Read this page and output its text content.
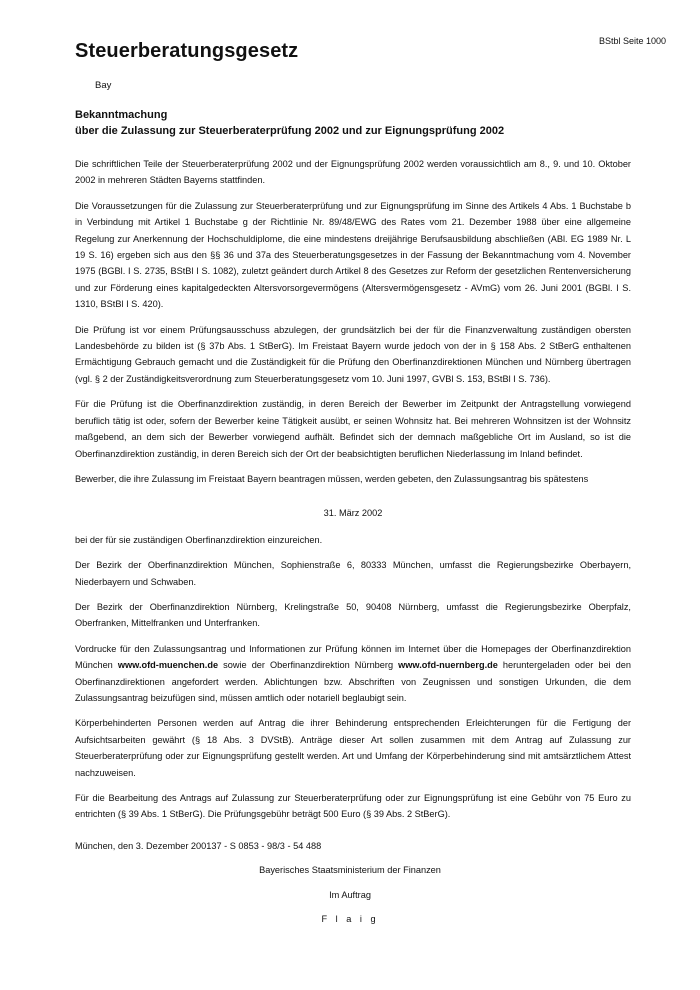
BStbl Seite 1000
Steuerberatungsgesetz
Bay
Bekanntmachung
über die Zulassung zur Steuerberaterprüfung 2002 und zur Eignungsprüfung 2002

Die schriftlichen Teile der Steuerberaterprüfung 2002 und der Eignungsprüfung 2002 werden voraussichtlich am 8., 9. und 10. Oktober 2002 in mehreren Städten Bayerns stattfinden.

Die Voraussetzungen für die Zulassung zur Steuerberaterprüfung und zur Eignungsprüfung im Sinne des Artikels 4 Abs. 1 Buchstabe b in Verbindung mit Artikel 1 Buchstabe g der Richtlinie Nr. 89/48/EWG des Rates vom 21. Dezember 1988 über eine allgemeine Regelung zur Anerkennung der Hochschuldiplome, die eine mindestens dreijährige Berufsausbildung abschließen (ABl. EG 1989 Nr. L 19 S. 16) ergeben sich aus den §§ 36 und 37a des Steuerberatungsgesetzes in der Fassung der Bekanntmachung vom 4. November 1975 (BGBl. I S. 2735, BStBl I S. 1082), zuletzt geändert durch Artikel 8 des Gesetzes zur Reform der gesetzlichen Rentenversicherung und zur Förderung eines kapitalgedeckten Altersvorsorgevermögens (Altersvermögensgesetz - AVmG) vom 26. Juni 2001 (BGBl. I S. 1310, BStBl I S. 420).

Die Prüfung ist vor einem Prüfungsausschuss abzulegen, der grundsätzlich bei der für die Finanzverwaltung zuständigen obersten Landesbehörde zu bilden ist (§ 37b Abs. 1 StBerG). Im Freistaat Bayern wurde jedoch von der in § 158 Abs. 2 StBerG enthaltenen Ermächtigung Gebrauch gemacht und die Zuständigkeit für die Prüfung den Oberfinanzdirektionen München und Nürnberg übertragen (vgl. § 2 der Zuständigkeitsverordnung zum Steuerberatungsgesetz vom 10. Juni 1997, GVBl S. 153, BStBl I S. 736).

Für die Prüfung ist die Oberfinanzdirektion zuständig, in deren Bereich der Bewerber im Zeitpunkt der Antragstellung vorwiegend beruflich tätig ist oder, sofern der Bewerber keine Tätigkeit ausübt, er seinen Wohnsitz hat. Bei mehreren Wohnsitzen ist der Wohnsitz maßgebend, an dem sich der Bewerber vorwiegend aufhält. Befindet sich der demnach maßgebliche Ort im Ausland, so ist die Oberfinanzdirektion zuständig, in deren Bereich sich der Ort der beabsichtigten beruflichen Niederlassung im Inland befindet.

Bewerber, die ihre Zulassung im Freistaat Bayern beantragen müssen, werden gebeten, den Zulassungsantrag bis spätestens

31. März 2002

bei der für sie zuständigen Oberfinanzdirektion einzureichen.

Der Bezirk der Oberfinanzdirektion München, Sophienstraße 6, 80333 München, umfasst die Regierungsbezirke Oberbayern, Niederbayern und Schwaben.

Der Bezirk der Oberfinanzdirektion Nürnberg, Krelingstraße 50, 90408 Nürnberg, umfasst die Regierungsbezirke Oberpfalz, Oberfranken, Mittelfranken und Unterfranken.

Vordrucke für den Zulassungsantrag und Informationen zur Prüfung können im Internet über die Homepages der Oberfinanzdirektion München www.ofd-muenchen.de sowie der Oberfinanzdirektion Nürnberg www.ofd-nuernberg.de heruntergeladen oder bei den Oberfinanzdirektionen angefordert werden. Ablichtungen bzw. Abschriften von Zeugnissen und sonstigen Urkunden, die dem Zulassungsantrag beizufügen sind, müssen amtlich oder notariell beglaubigt sein.

Körperbehinderten Personen werden auf Antrag die ihrer Behinderung entsprechenden Erleichterungen für die Fertigung der Aufsichtsarbeiten gewährt (§ 18 Abs. 3 DVStB). Anträge dieser Art sollen zusammen mit dem Antrag auf Zulassung zur Steuerberaterprüfung oder zur Eignungsprüfung gestellt werden. Art und Umfang der Körperbehinderung sind mit amtsärztlichem Attest nachzuweisen.

Für die Bearbeitung des Antrags auf Zulassung zur Steuerberaterprüfung oder zur Eignungsprüfung ist eine Gebühr von 75 Euro zu entrichten (§ 39 Abs. 1 StBerG). Die Prüfungsgebühr beträgt 500 Euro (§ 39 Abs. 2 StBerG).

München, den 3. Dezember 200137 - S 0853 - 98/3 - 54 488
Bayerisches Staatsministerium der Finanzen
Im Auftrag
F l a i g
